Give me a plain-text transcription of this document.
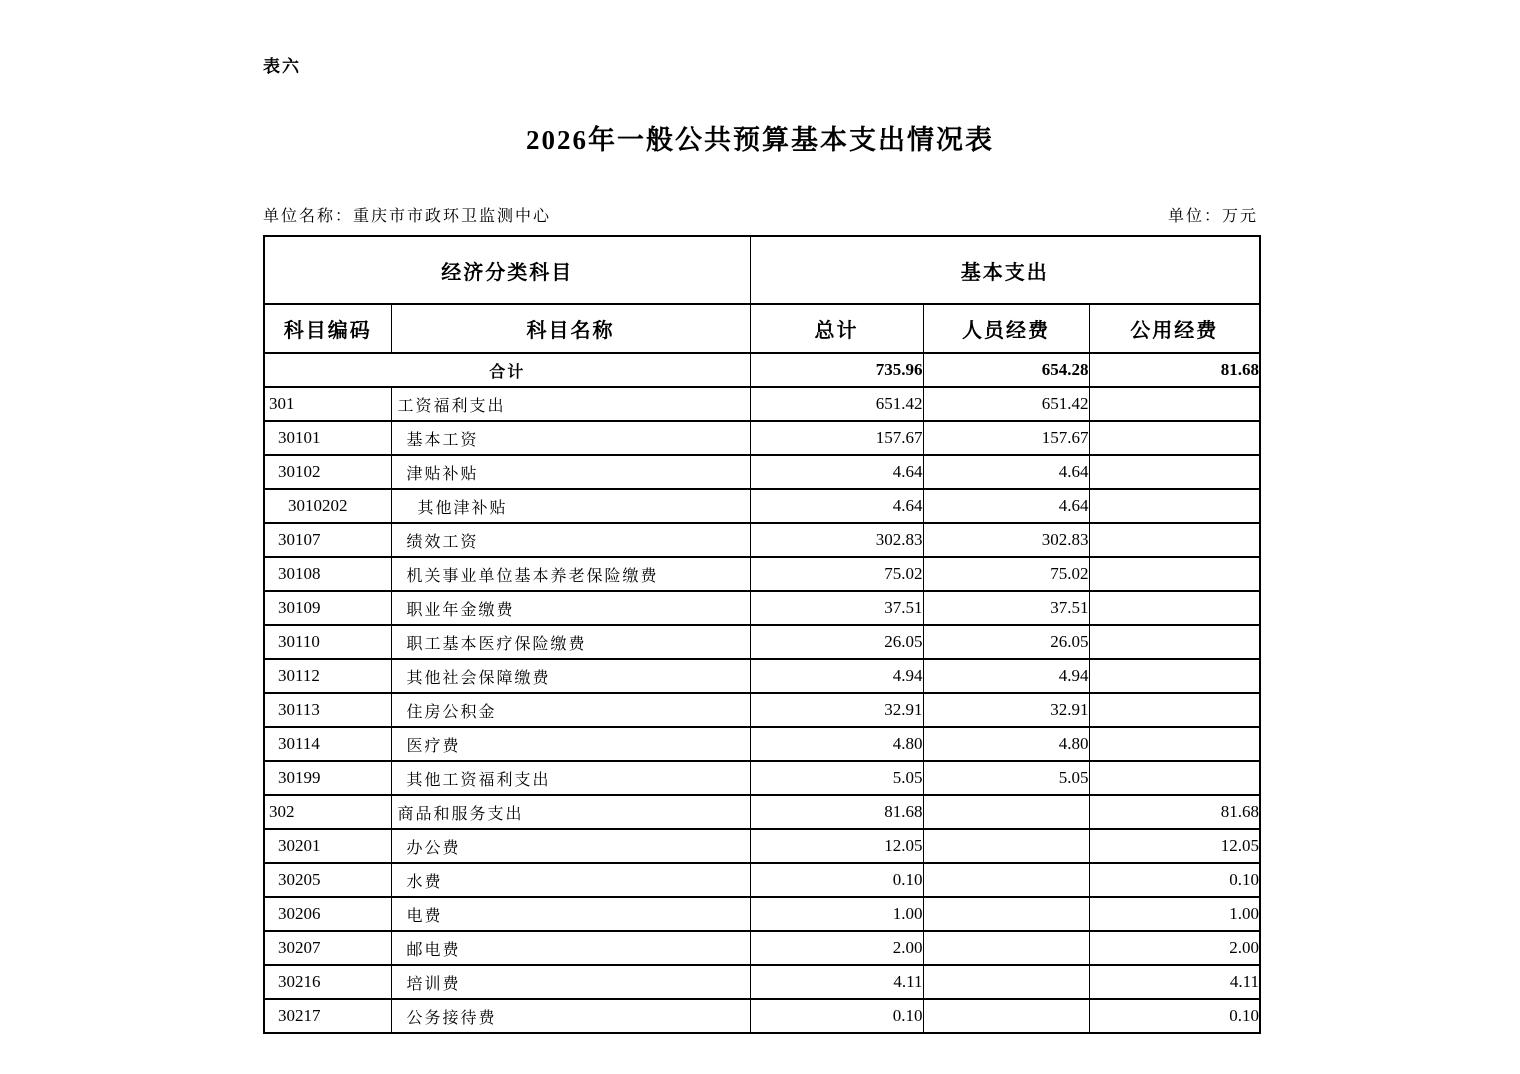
表六
2026年一般公共预算基本支出情况表
单位名称：重庆市市政环卫监测中心	单位：万元
经济分类科目		基本支出		
科目编码	科目名称	总计	人员经费	公用经费
合计		735.96	654.28	81.68
301	工资福利支出	651.42	651.42	
30101	基本工资	157.67	157.67	
30102	津贴补贴	4.64	4.64	
3010202	其他津补贴	4.64	4.64	
30107	绩效工资	302.83	302.83	
30108	机关事业单位基本养老保险缴费	75.02	75.02	
30109	职业年金缴费	37.51	37.51	
30110	职工基本医疗保险缴费	26.05	26.05	
30112	其他社会保障缴费	4.94	4.94	
30113	住房公积金	32.91	32.91	
30114	医疗费	4.80	4.80	
30199	其他工资福利支出	5.05	5.05	
302	商品和服务支出	81.68		81.68
30201	办公费	12.05		12.05
30205	水费	0.10		0.10
30206	电费	1.00		1.00
30207	邮电费	2.00		2.00
30216	培训费	4.11		4.11
30217	公务接待费	0.10		0.10
